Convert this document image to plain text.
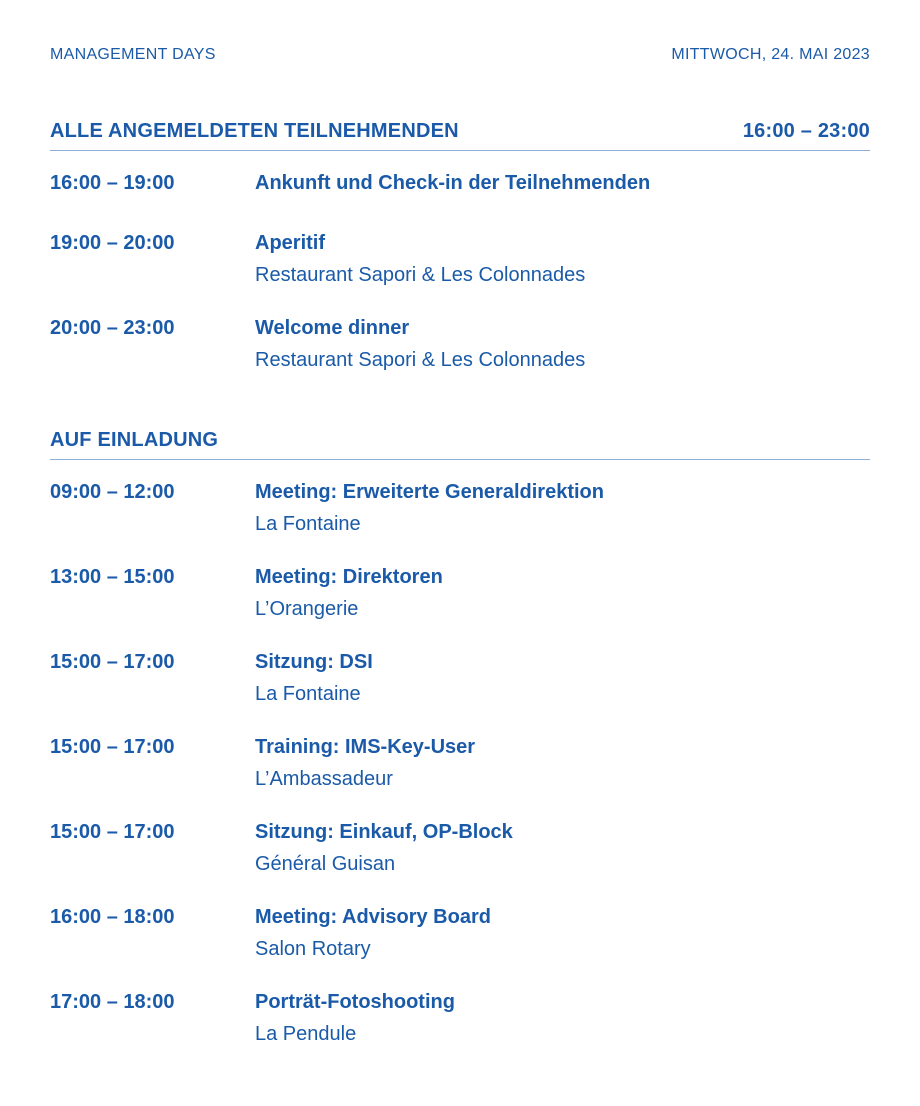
MANAGEMENT DAYS	MITTWOCH, 24. MAI 2023
ALLE ANGEMELDETEN TEILNEHMENDEN	16:00 – 23:00
16:00 – 19:00	Ankunft und Check-in der Teilnehmenden
19:00 – 20:00	Aperitif
Restaurant Sapori & Les Colonnades
20:00 – 23:00	Welcome dinner
Restaurant Sapori & Les Colonnades
AUF EINLADUNG
09:00 – 12:00	Meeting: Erweiterte Generaldirektion
La Fontaine
13:00 – 15:00	Meeting: Direktoren
L’Orangerie
15:00 – 17:00	Sitzung: DSI
La Fontaine
15:00 – 17:00	Training: IMS-Key-User
L’Ambassadeur
15:00 – 17:00	Sitzung: Einkauf, OP-Block
Général Guisan
16:00 – 18:00	Meeting: Advisory Board
Salon Rotary
17:00 – 18:00	Porträt-Fotoshooting
La Pendule
